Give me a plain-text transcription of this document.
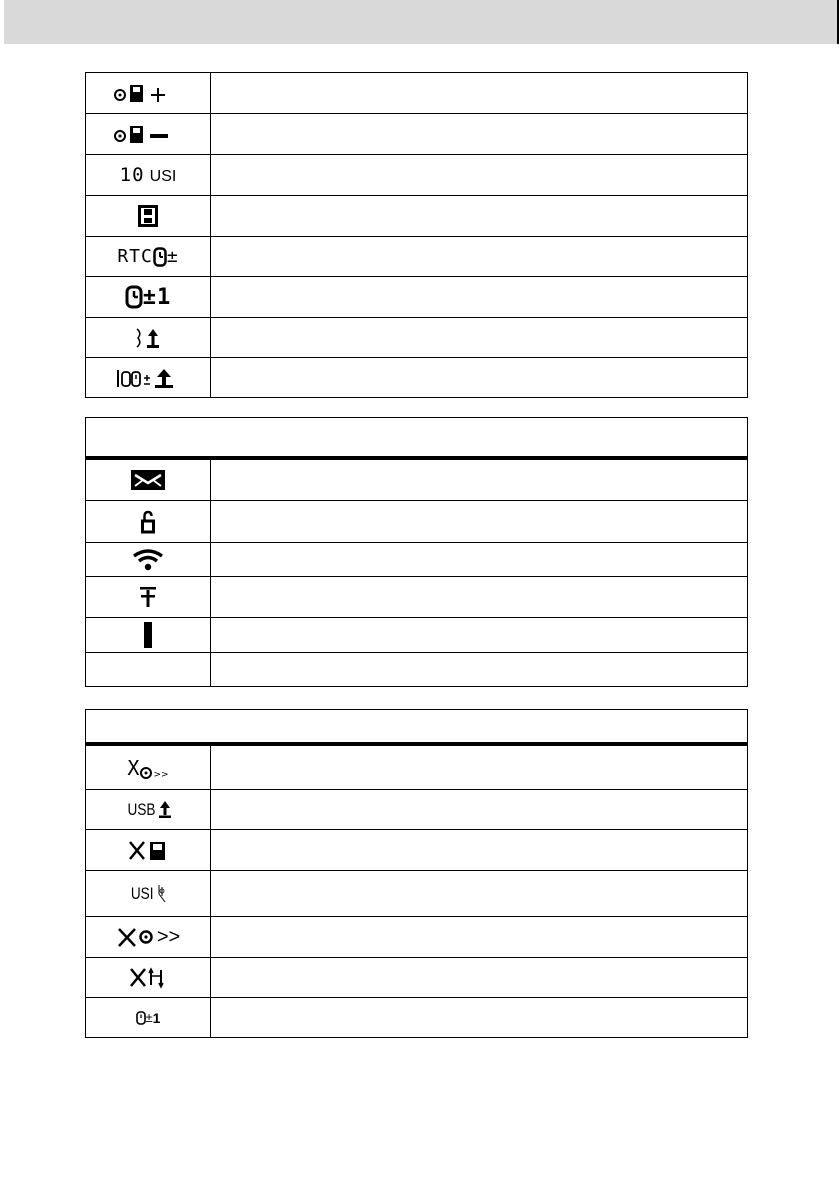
10 USI
RTC ±
± 1
X >>
USB
USI
>>
± 1
